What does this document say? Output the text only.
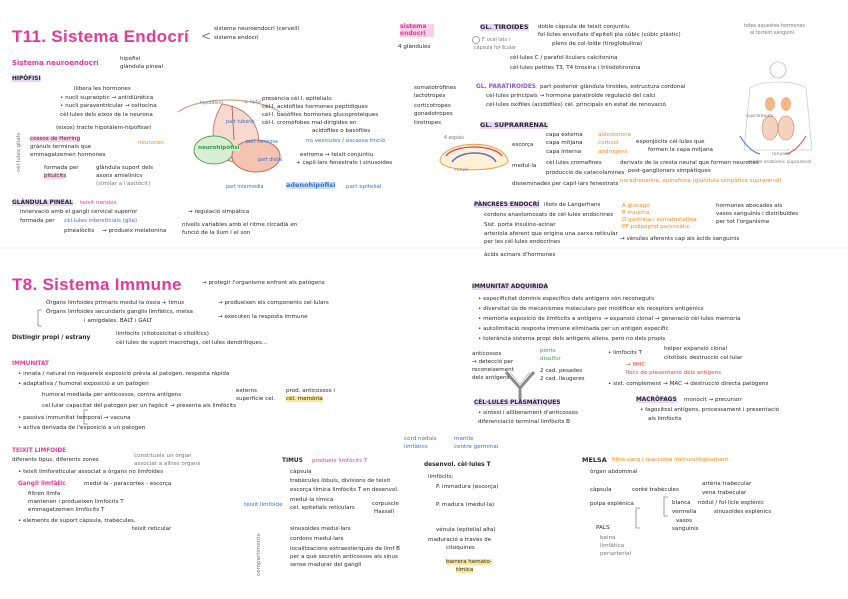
T11. Sistema Endocrí < sistema neuroendocrí (cervell)
sistema endocrí
sistema endocrí
4 glàndules
Sistema neuroendocrí	hipòfisi
glàndula pineal
HIPÒFISI
llibera les hormones
• nucli supraòptic → antidiürètica
• nucli paraventricular → oxitocina
cèl·lules dels eixos de la neurona
(eixos) tracte hipotàlem-hipofisari
cossos de Herring
grànuls terminals que
emmagatzemen hormones
formada per
pituïcits
glàndula suport dels
axons amielínics
(similar a l'astròcit)
neurones
cèl·lules glials
hipotàlem	q. òptic
neurohipòfisi
part nerviosa
part distal
part intermèdia
part tuberal
adenohipòfisi part epitelial
presència cèl·l. epitelials:
cèl·l. acidòfiles hormones peptídiques
cèl·l. basòfiles hormones glucoproteiques
cèl·l. cromòfobes mal·dirigides en
acidòfiles o basòfiles
no vesícules / escassa tinció
estroma → teixit conjuntiu
+ capil·lars fenestrats i sinusoides
somatotròfines
lactotropes
corticotropes
gonadotropes
tirotropes
GLÀNDULA PINEAL teixit nerviós
innervació amb el gangli cervical superior	→ regulació simpàtica
formada per cèl·lules intersticials (glia)
pinealòcits → produeix melatonina
nivells variables amb el ritme circadià en
funció de la llum i el son
GL. TIROIDES doble càpsula de teixit conjuntiu
fol·licles envoltats d'epiteli pla cúbic (cúbic plàstic)
plens de col·loide (tiroglobulina)
F. ocel·lats i
càpsula fol·licular
cèl·lules C / parafol·liculars calcitonina
cèl·lules petites T3, T4 tiroxina i triiodotironina
GL. PARATIROIDES part posterior glàndula tiroides, estructura cordonal
cèl·lules principals → hormona paratiroide regulació del calci
cèl·lules oxífiles (acidòfiles) cèl. principals en estat de renovació
GL. SUPRARRENAL
escorça
capa externa	aldosterona
capa mitjana	cortisol
capa interna	androgens
esponjòcits cèl·lules que
formen la capa mitjana
medul·la cèl·lules cromafines	derivats de la cresta neural que formen neurones
post-ganglionars simpàtiques
producció de catecolamines
noradrenalina, epinefrina (glàndula simpàtica suprarenal)
disseminades per capil·lars fenestrats
4 espais
PÀNCREES ENDOCRÍ illots de Langerhans
cordons anastomosats de cèl·lules endocrines
A glucagó
B insulina
D gastrina / somatostatina
PP polipèptid pancreàtic
hormones abocades als
vasos sanguinis i distribuïdes
per tot l'organisme
Sist. porta insulino-acinar
arteriola aferent que origina una xarxa reticular
per les cèl·lules endocrines	→ vénules aferents cap als àcids sanguinis
àcids acinars d'hormones
totes aquestes hormones
al torrent sanguini
suprarenals
ronyons
model anatòmic suprarenal
ronyó
T8. Sistema Immune	→ protegir l'organisme enfront als patògens
Òrgans limfoides primaris medul·la òssia + timus	→ produeixen els components cel·lulars
Òrgans limfoides secundaris ganglis limfàtics, melsa
i amígdales, BALT i GALT
→ executen la resposta immune
Distingir propi / estrany
limfòcits (citotoxicitat o citolítics)
cèl·lules de suport macròfags, cèl·lules dendrítiques...
IMMUNITAT
• innata / natural no requereix exposició prèvia al patogen, resposta ràpida
• adaptativa / humoral exposició a un patogen
humoral mediada per anticossos, contra antígens
externs
superfície cel.
prod. anticossos i
cèl. memòria
cel·lular capacitat del patogen per un fagòcit → presenta als limfòcits
• passiva immunitat temporal → vacuna
• activa derivada de l'exposició a un patogen
TEIXIT LIMFOIDE
diferents tipus, diferents zones
constitueix un òrgan
associat a altres òrgans
• teixit limforeticular associat a òrgans no limfoides
Gangli limfàtic	medul·la - paracòrtex - escorça
filtren limfa
mantenen i produeixen limfòcits T
emmagatzemen limfòcits T
• elements de suport càpsula, trabècules,
teixit reticular
teixit limfoide
compartiments
TIMUS produeix limfòcits T
càpsula
trabècules lòbuls, divisions de teixit
escorça tímica limfòcits T en desenvol.
medul·la tímica
cel. epitelials reticulars
corpuscle
Hassall
sinusoides medul·lars
cordons medul·lars
localitzacions extraestèriques de limf B
per a què secretin anticossos als sinus
sense madurar del gangli
cord nòduls
limfàtics	centre germinal
mantle
desenvol. cèl·lules T
limfòcits:
P. immadura (escorça)
P. madura (medul·la)
vénula (epitelial alta)
maduració a través de
citoquines
barrera hemato-
tímica
IMMUNITAT ADQUIRIDA
• especificitat dominis específics dels antígens són reconeguts
• diversitat ús de mecanismes moleculars per modificar els receptors antigènics
• memòria exposició de limfòcits a antígens → expansió clonal → generació cèl·lules memòria
• autolimitació resposta immune eliminada per un antigen específic
• tolerància sistema propi dels antígens aliens, però no dels propis
anticossos
→ detecció per
reconeixement
dels antígens
ponts
disulfur
2 cad. pesades
2 cad. lleugeres
• limfòcits T
helper expansió clonal
citotòxic destrucció cel·lular
→ MHC
llocs de presentació dels antígens
• sist. complement → MAC → destrucció directa patògens
CÈL·LULES PLASMÀTIQUES
• síntesi i alliberament d'anticossos
diferenciació terminal limfòcits B
MACRÒFAGS monòcit → precursor
• fagocitosi antígens, processament i presentació
als limfòcits
MELSA filtra sang i reacciona immunològicament
òrgan abdominal
càpsula	conté trabècules
artèria trabecular
vena trabecular
polpa esplènica	blanca nòdul / fol·licle esplènic
vermella	sinusoides esplènics
vasos
sanguinis
PALS
beina
limfàtica
periarterial
